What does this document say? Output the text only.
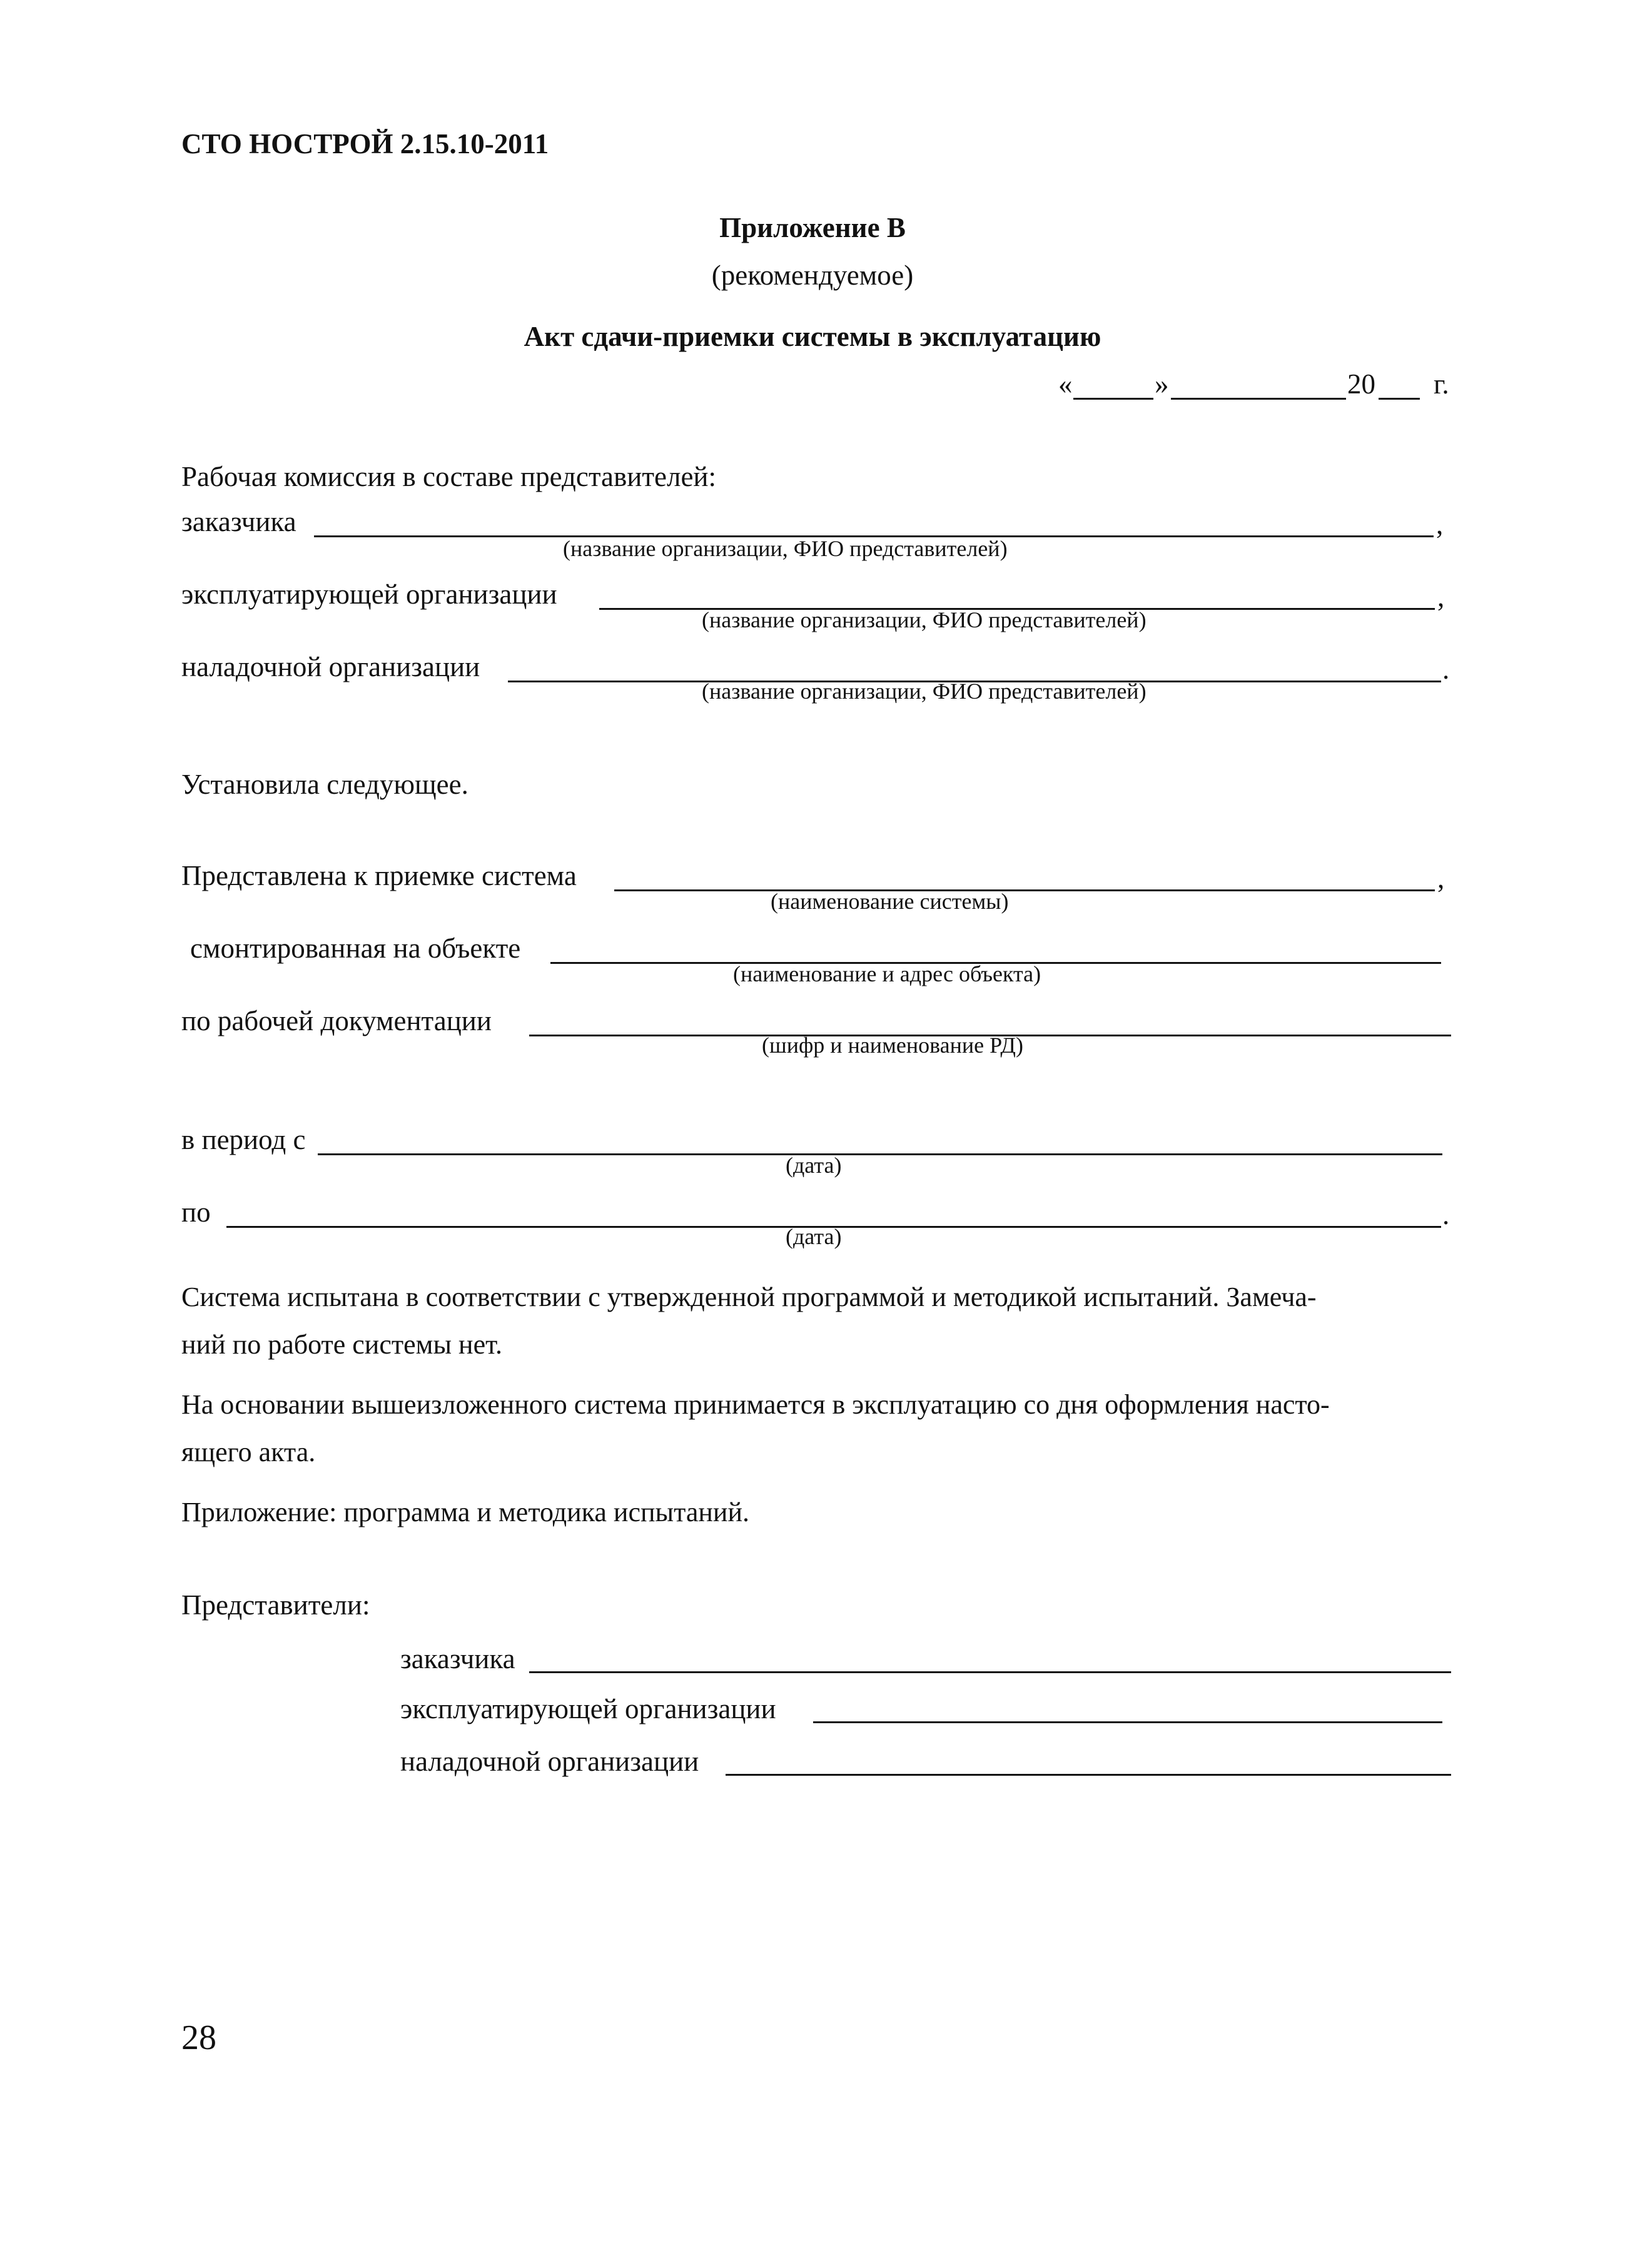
СТО НОСТРОЙ 2.15.10-2011
Приложение В
(рекомендуемое)
Акт сдачи-приемки системы в эксплуатацию
«	»	20 г.
Рабочая комиссия в составе представителей:
заказчика	,
(название организации, ФИО представителей)
эксплуатирующей организации	,
(название организации, ФИО представителей)
наладочной организации	.
(название организации, ФИО представителей)
Установила следующее.
Представлена к приемке система	,
(наименование системы)
смонтированная на объекте
(наименование и адрес объекта)
по рабочей документации
(шифр и наименование РД)
в период с
(дата)
по	.
(дата)
Система испытана в соответствии с утвержденной программой и методикой испытаний. Замеча-
ний по работе системы нет.
На основании вышеизложенного система принимается в эксплуатацию со дня оформления насто-
ящего акта.
Приложение: программа и методика испытаний.
Представители:
заказчика
эксплуатирующей организации
наладочной организации
28
